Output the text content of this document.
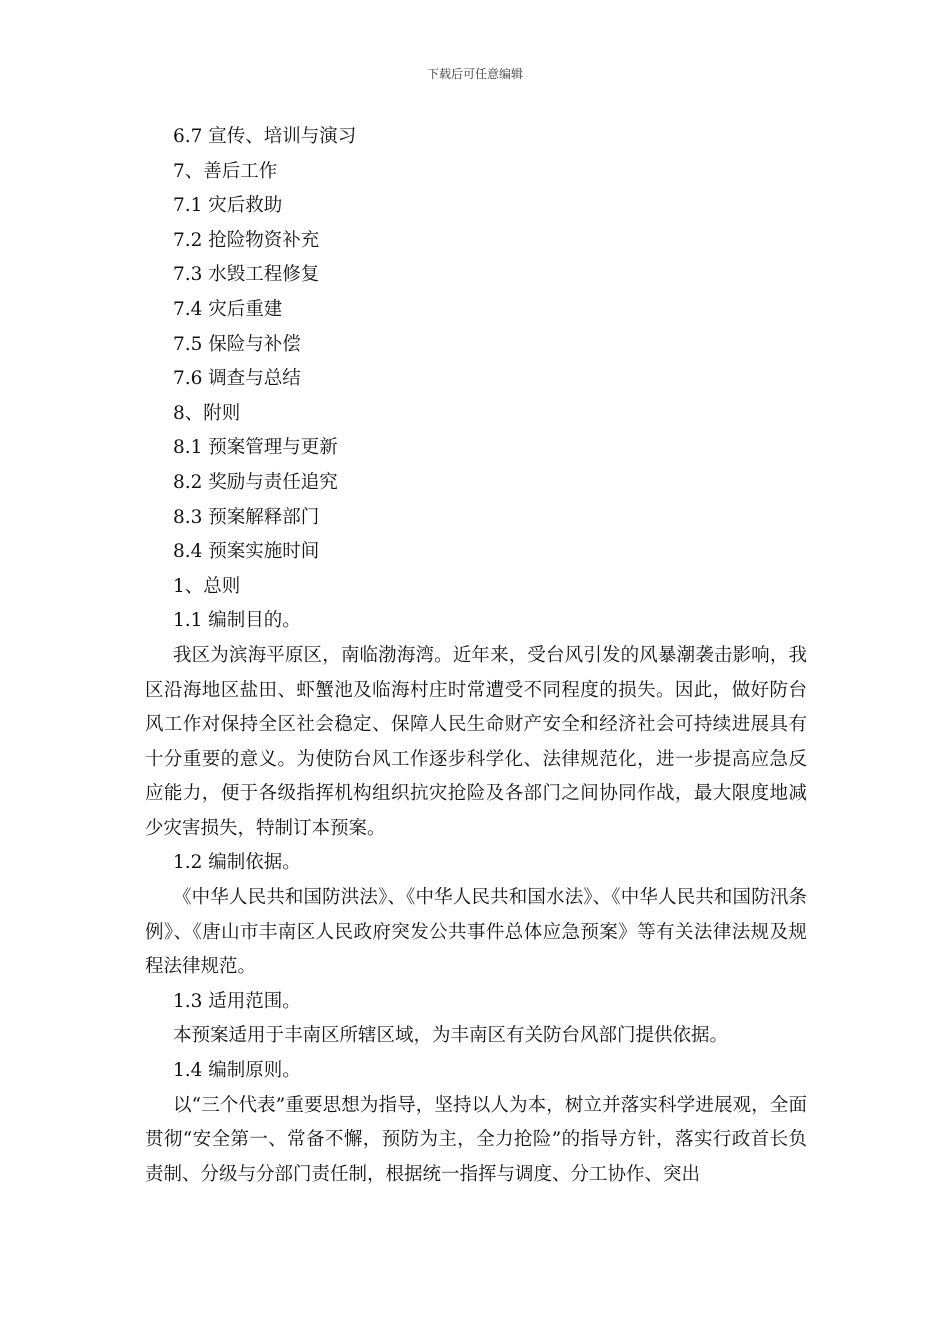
下载后可任意编辑
6.7 宣传、培训与演习
7、善后工作
7.1 灾后救助
7.2 抢险物资补充
7.3 水毁工程修复
7.4 灾后重建
7.5 保险与补偿
7.6 调查与总结
8、附则
8.1 预案管理与更新
8.2 奖励与责任追究
8.3 预案解释部门
8.4 预案实施时间
1、总则
1.1 编制目的。

我区为滨海平原区，南临渤海湾。近年来，受台风引发的风暴潮袭击影响，我区沿海地区盐田、虾蟹池及临海村庄时常遭受不同程度的损失。因此，做好防台风工作对保持全区社会稳定、保障人民生命财产安全和经济社会可持续进展具有十分重要的意义。为使防台风工作逐步科学化、法律规范化，进一步提高应急反应能力，便于各级指挥机构组织抗灾抢险及各部门之间协同作战，最大限度地减少灾害损失，特制订本预案。

1.2 编制依据。

《中华人民共和国防洪法》、《中华人民共和国水法》、《中华人民共和国防汛条例》、《唐山市丰南区人民政府突发公共事件总体应急预案》等有关法律法规及规程法律规范。

1.3 适用范围。

本预案适用于丰南区所辖区域，为丰南区有关防台风部门提供依据。

1.4 编制原则。

以“三个代表”重要思想为指导，坚持以人为本，树立并落实科学进展观，全面贯彻“安全第一、常备不懈，预防为主，全力抢险”的指导方针，落实行政首长负责制、分级与分部门责任制，根据统一指挥与调度、分工协作、突出
